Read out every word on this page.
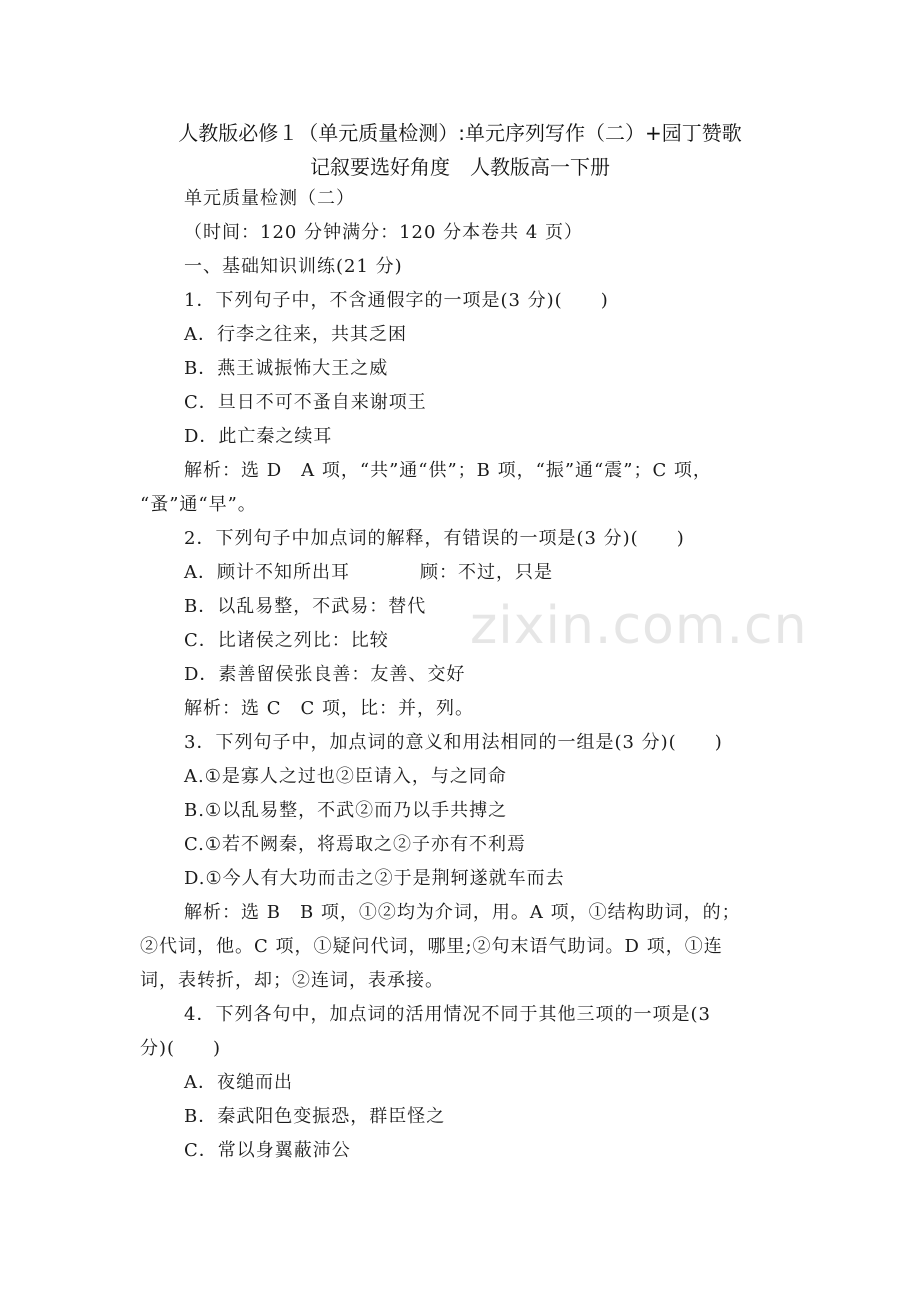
人教版必修１（单元质量检测）:单元序列写作（二）+园丁赞歌
记叙要选好角度　人教版高一下册
单元质量检测（二）
（时间：120 分钟满分：120 分本卷共 4 页）
一、基础知识训练(21 分)
1．下列句子中，不含通假字的一项是(3 分)(　　)
A．行李之往来，共其乏困
B．燕王诚振怖大王之威
C．旦日不可不蚤自来谢项王
D．此亡秦之续耳
解析：选 D　A 项，“共”通“供”；B 项，“振”通“震”；C 项，
“蚤”通“早”。
2．下列句子中加点词的解释，有错误的一项是(3 分)(　　)
A．顾计不知所出耳	顾：不过，只是
B．以乱易整，不武易：替代
C．比诸侯之列比：比较
D．素善留侯张良善：友善、交好
解析：选 C　C 项，比：并，列。
3．下列句子中，加点词的意义和用法相同的一组是(3 分)(　　)
A.①是寡人之过也②臣请入，与之同命
B.①以乱易整，不武②而乃以手共搏之
C.①若不阙秦，将焉取之②子亦有不利焉
D.①今人有大功而击之②于是荆轲遂就车而去
解析：选 B　B 项，①②均为介词，用。A 项，①结构助词，的；
②代词，他。C 项，①疑问代词，哪里;②句末语气助词。D 项，①连
词，表转折，却；②连词，表承接。
4．下列各句中，加点词的活用情况不同于其他三项的一项是(3
分)(　　)
A．夜缒而出
B．秦武阳色变振恐，群臣怪之
C．常以身翼蔽沛公
zixin.com.cn
